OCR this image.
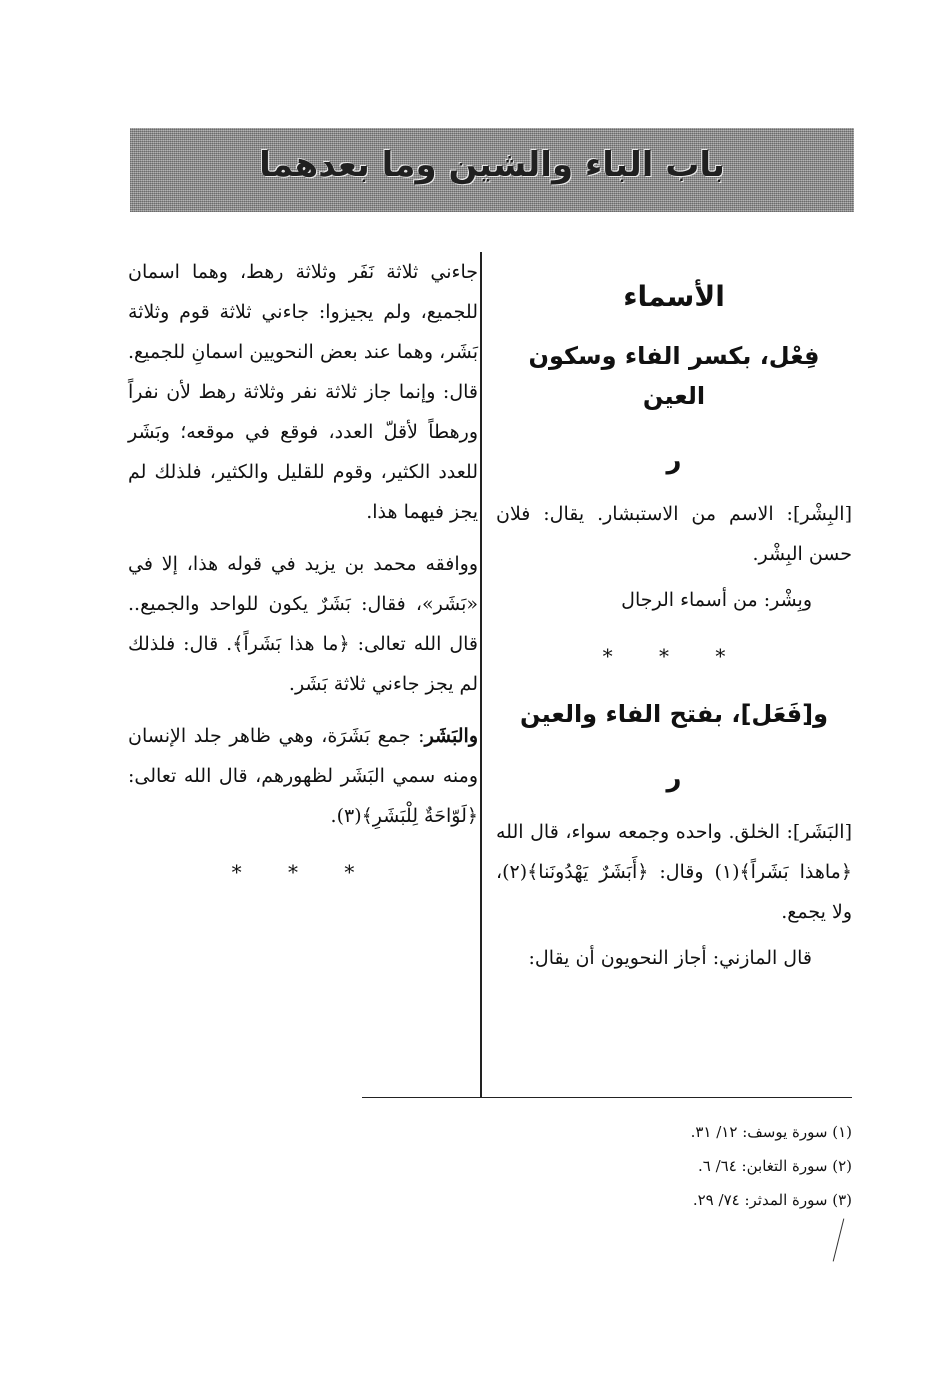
باب الباء والشين وما بعدهما
الأسماء
فِعْل، بكسر الفاء وسكون العين
ر

[البِشْر]: الاسم من الاستبشار. يقال: فلان حسن البِشْر.

وبِشْر: من أسماء الرجال

* * *
و[فَعَل]، بفتح الفاء والعين
ر

[البَشَر]: الخلق. واحده وجمعه سواء، قال الله ﴿ماهذا بَشَراً﴾(١) وقال: ﴿أَبَشَرٌ يَهْدُونَنا﴾(٢)، ولا يجمع.

قال المازني: أجاز النحويون أن يقال:

جاءني ثلاثة نَفَر وثلاثة رهط، وهما اسمان للجميع، ولم يجيزوا: جاءني ثلاثة قوم وثلاثة بَشَر، وهما عند بعض النحويين اسمانِ للجميع. قال: وإنما جاز ثلاثة نفر وثلاثة رهط لأن نفراً ورهطاً لأقلّ العدد، فوقع في موقعه؛ وبَشَر للعدد الكثير، وقوم للقليل والكثير، فلذلك لم يجز فيهما هذا.

ووافقه محمد بن يزيد في قوله هذا، إلا في «بَشَر»، فقال: بَشَرٌ يكون للواحد والجميع.. قال الله تعالى: ﴿ما هذا بَشَراً﴾. قال: فلذلك لم يجز جاءني ثلاثة بَشَر.

والبَشَر: جمع بَشَرَة، وهي ظاهر جلد الإنسان ومنه سمي البَشَر لظهورهم، قال الله تعالى: ﴿لَوّاحَةٌ لِلْبَشَرِ﴾(٣).

* * *
(١) سورة يوسف: ١٢/ ٣١.
(٢) سورة التغابن: ٦٤/ ٦.
(٣) سورة المدثر: ٧٤/ ٢٩.
